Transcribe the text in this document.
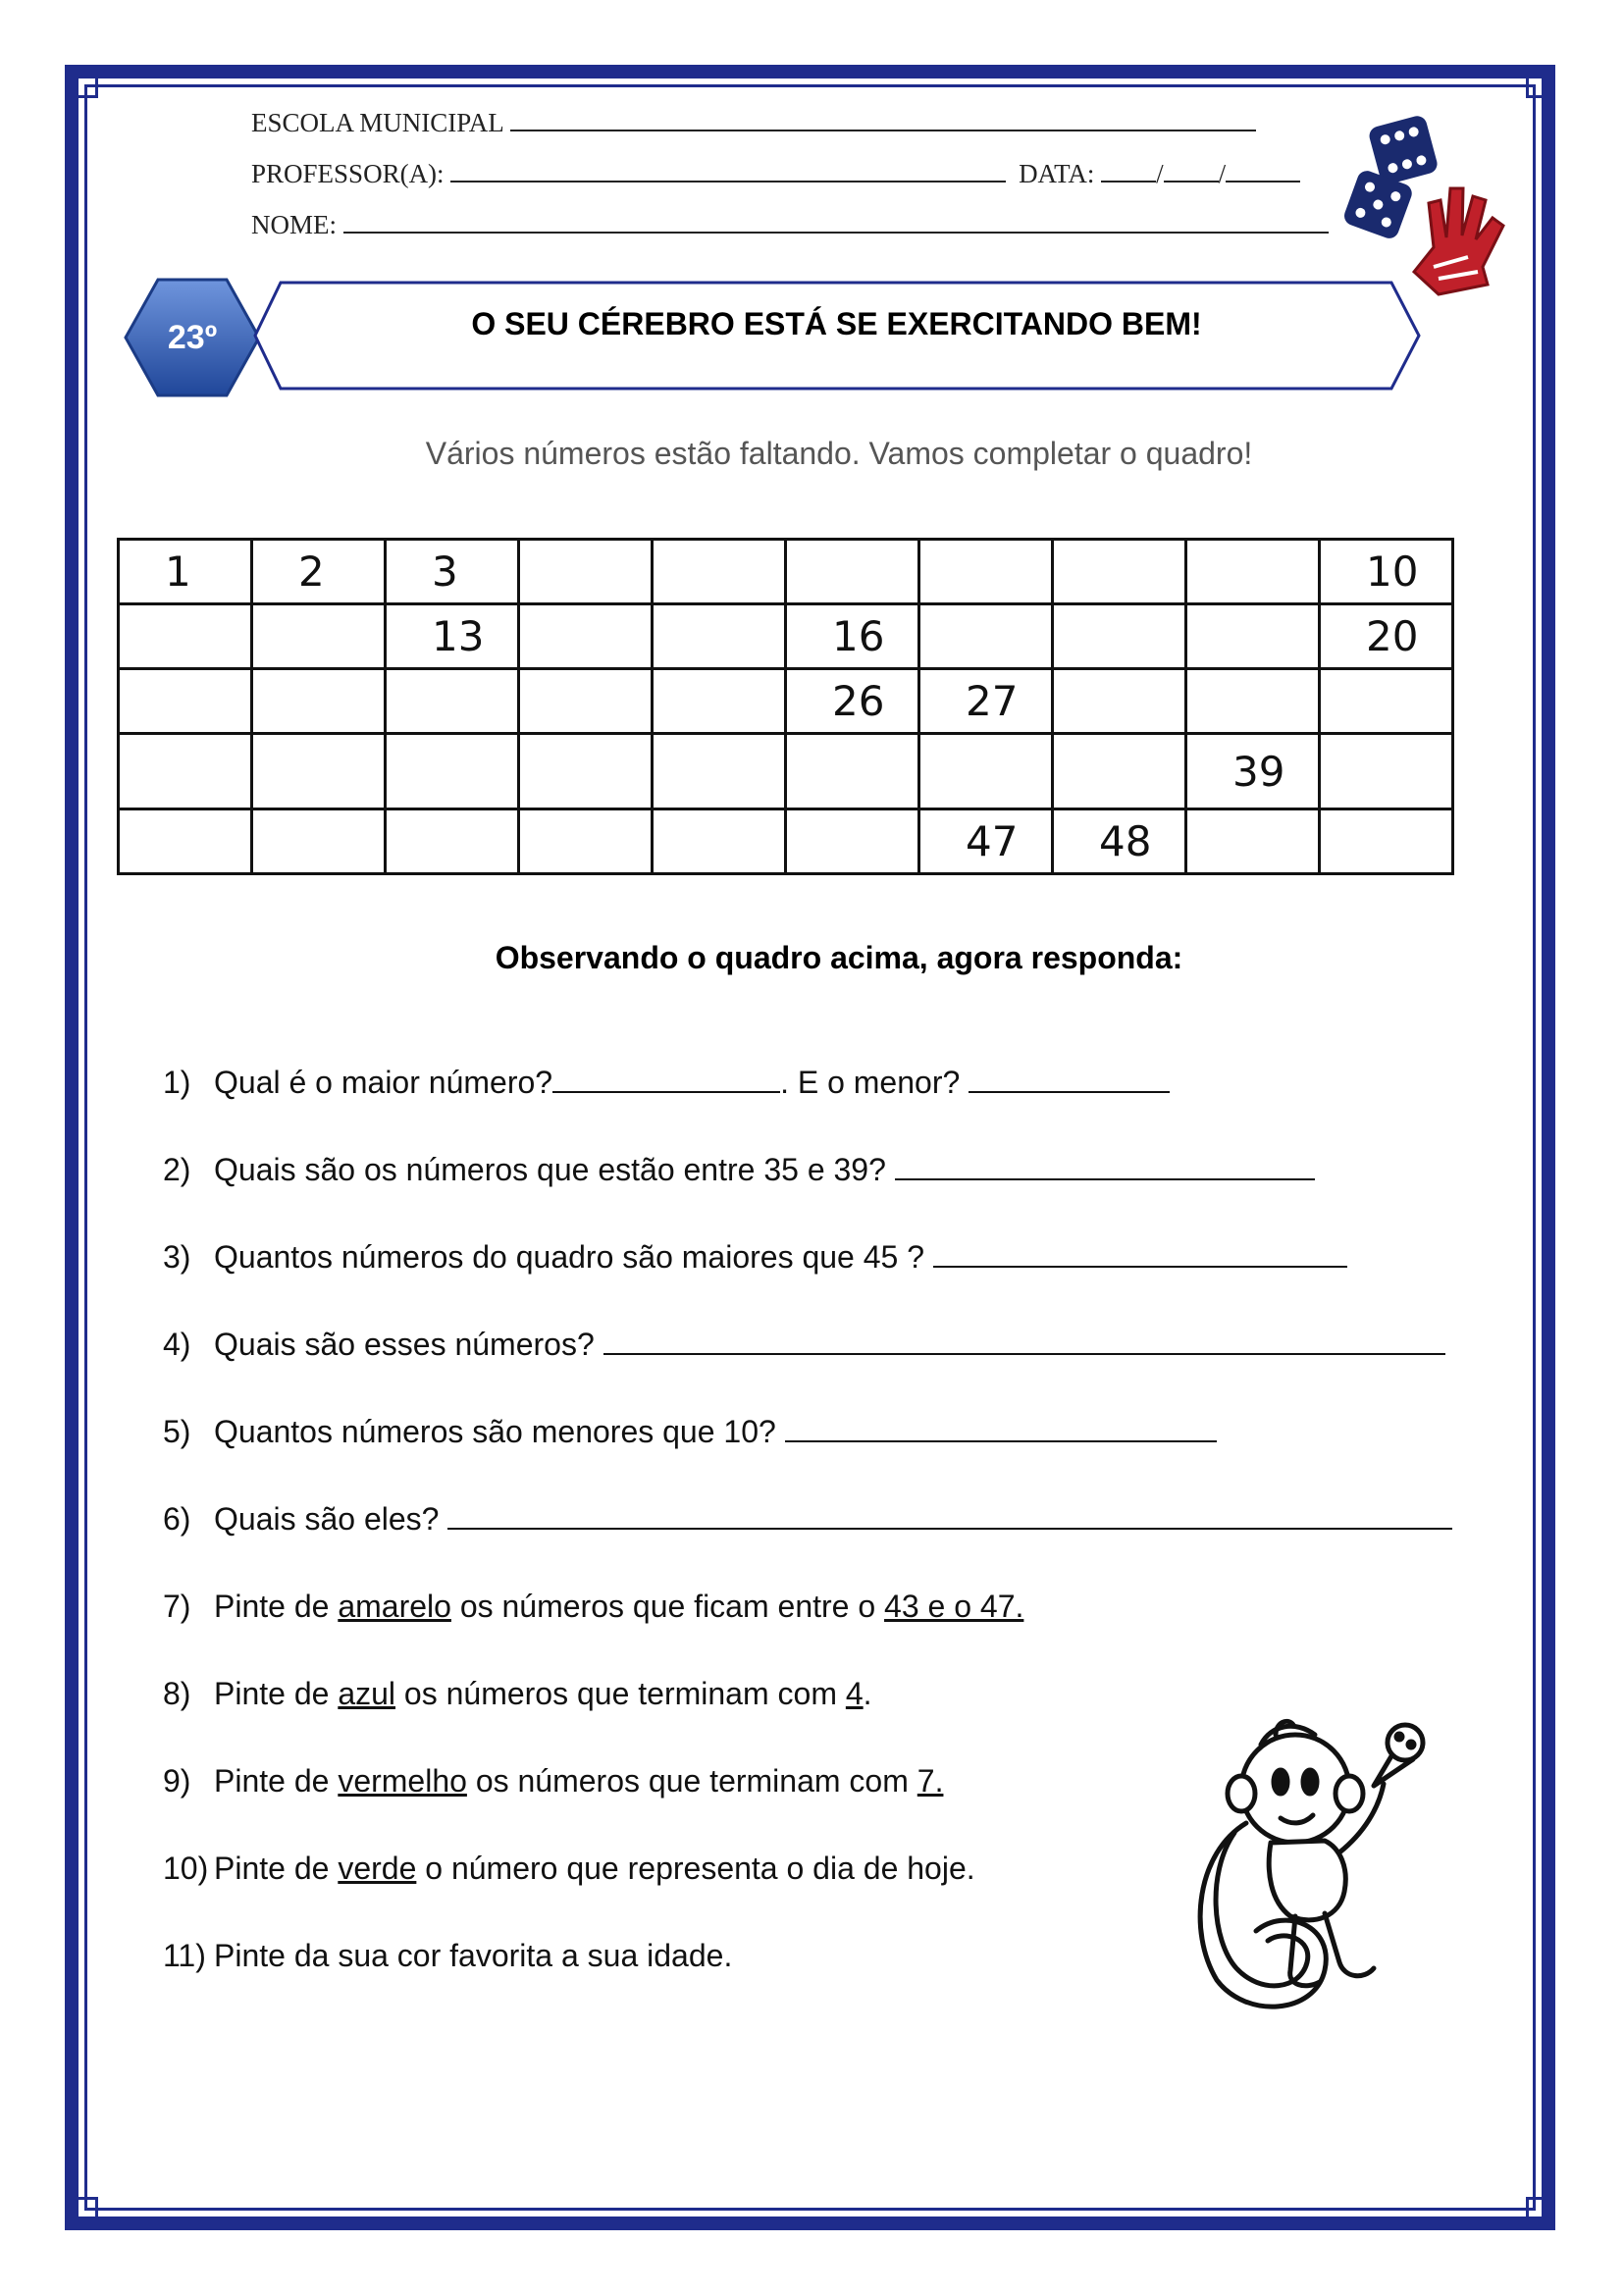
ESCOLA MUNICIPAL
PROFESSOR(A):	DATA: / /
NOME:
23º	O SEU CÉREBRO ESTÁ SE EXERCITANDO BEM!
Vários números estão faltando. Vamos completar o quadro!
1	2	3							10
		13			16				20
					26	27			
								39	
						47	48		
Observando o quadro acima, agora responda:
1) Qual é o maior número?	. E o menor?
2) Quais são os números que estão entre 35 e 39?
3) Quantos números do quadro são maiores que 45 ?
4) Quais são esses números?
5) Quantos números são menores que 10?
6) Quais são eles?
7) Pinte de amarelo os números que ficam entre o 43 e o 47.
8) Pinte de azul os números que terminam com 4.
9) Pinte de vermelho os números que terminam com 7.
10) Pinte de verde o número que representa o dia de hoje.
11) Pinte da sua cor favorita a sua idade.
